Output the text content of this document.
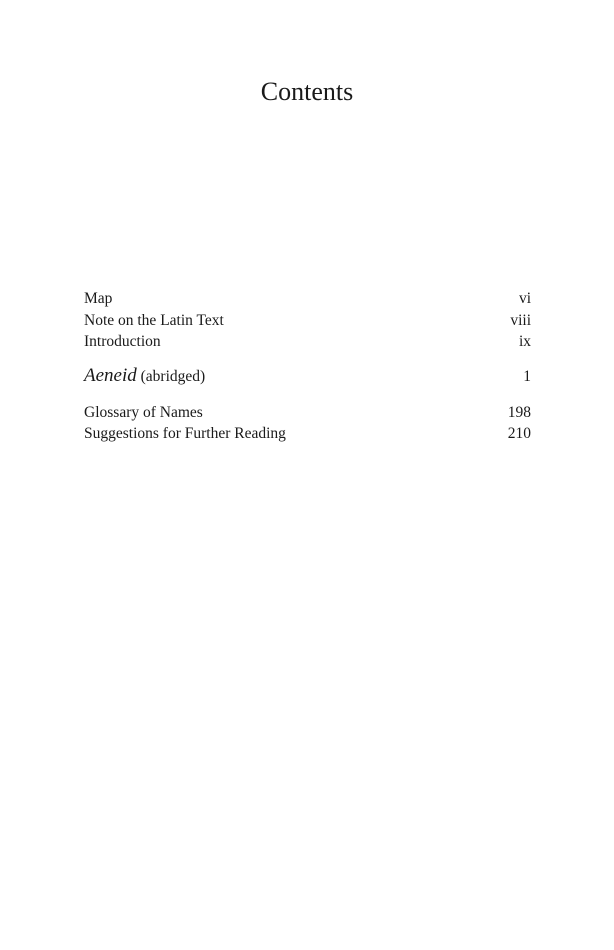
Contents
Map	vi
Note on the Latin Text	viii
Introduction	ix
Aeneid (abridged)	1
Glossary of Names	198
Suggestions for Further Reading	210
